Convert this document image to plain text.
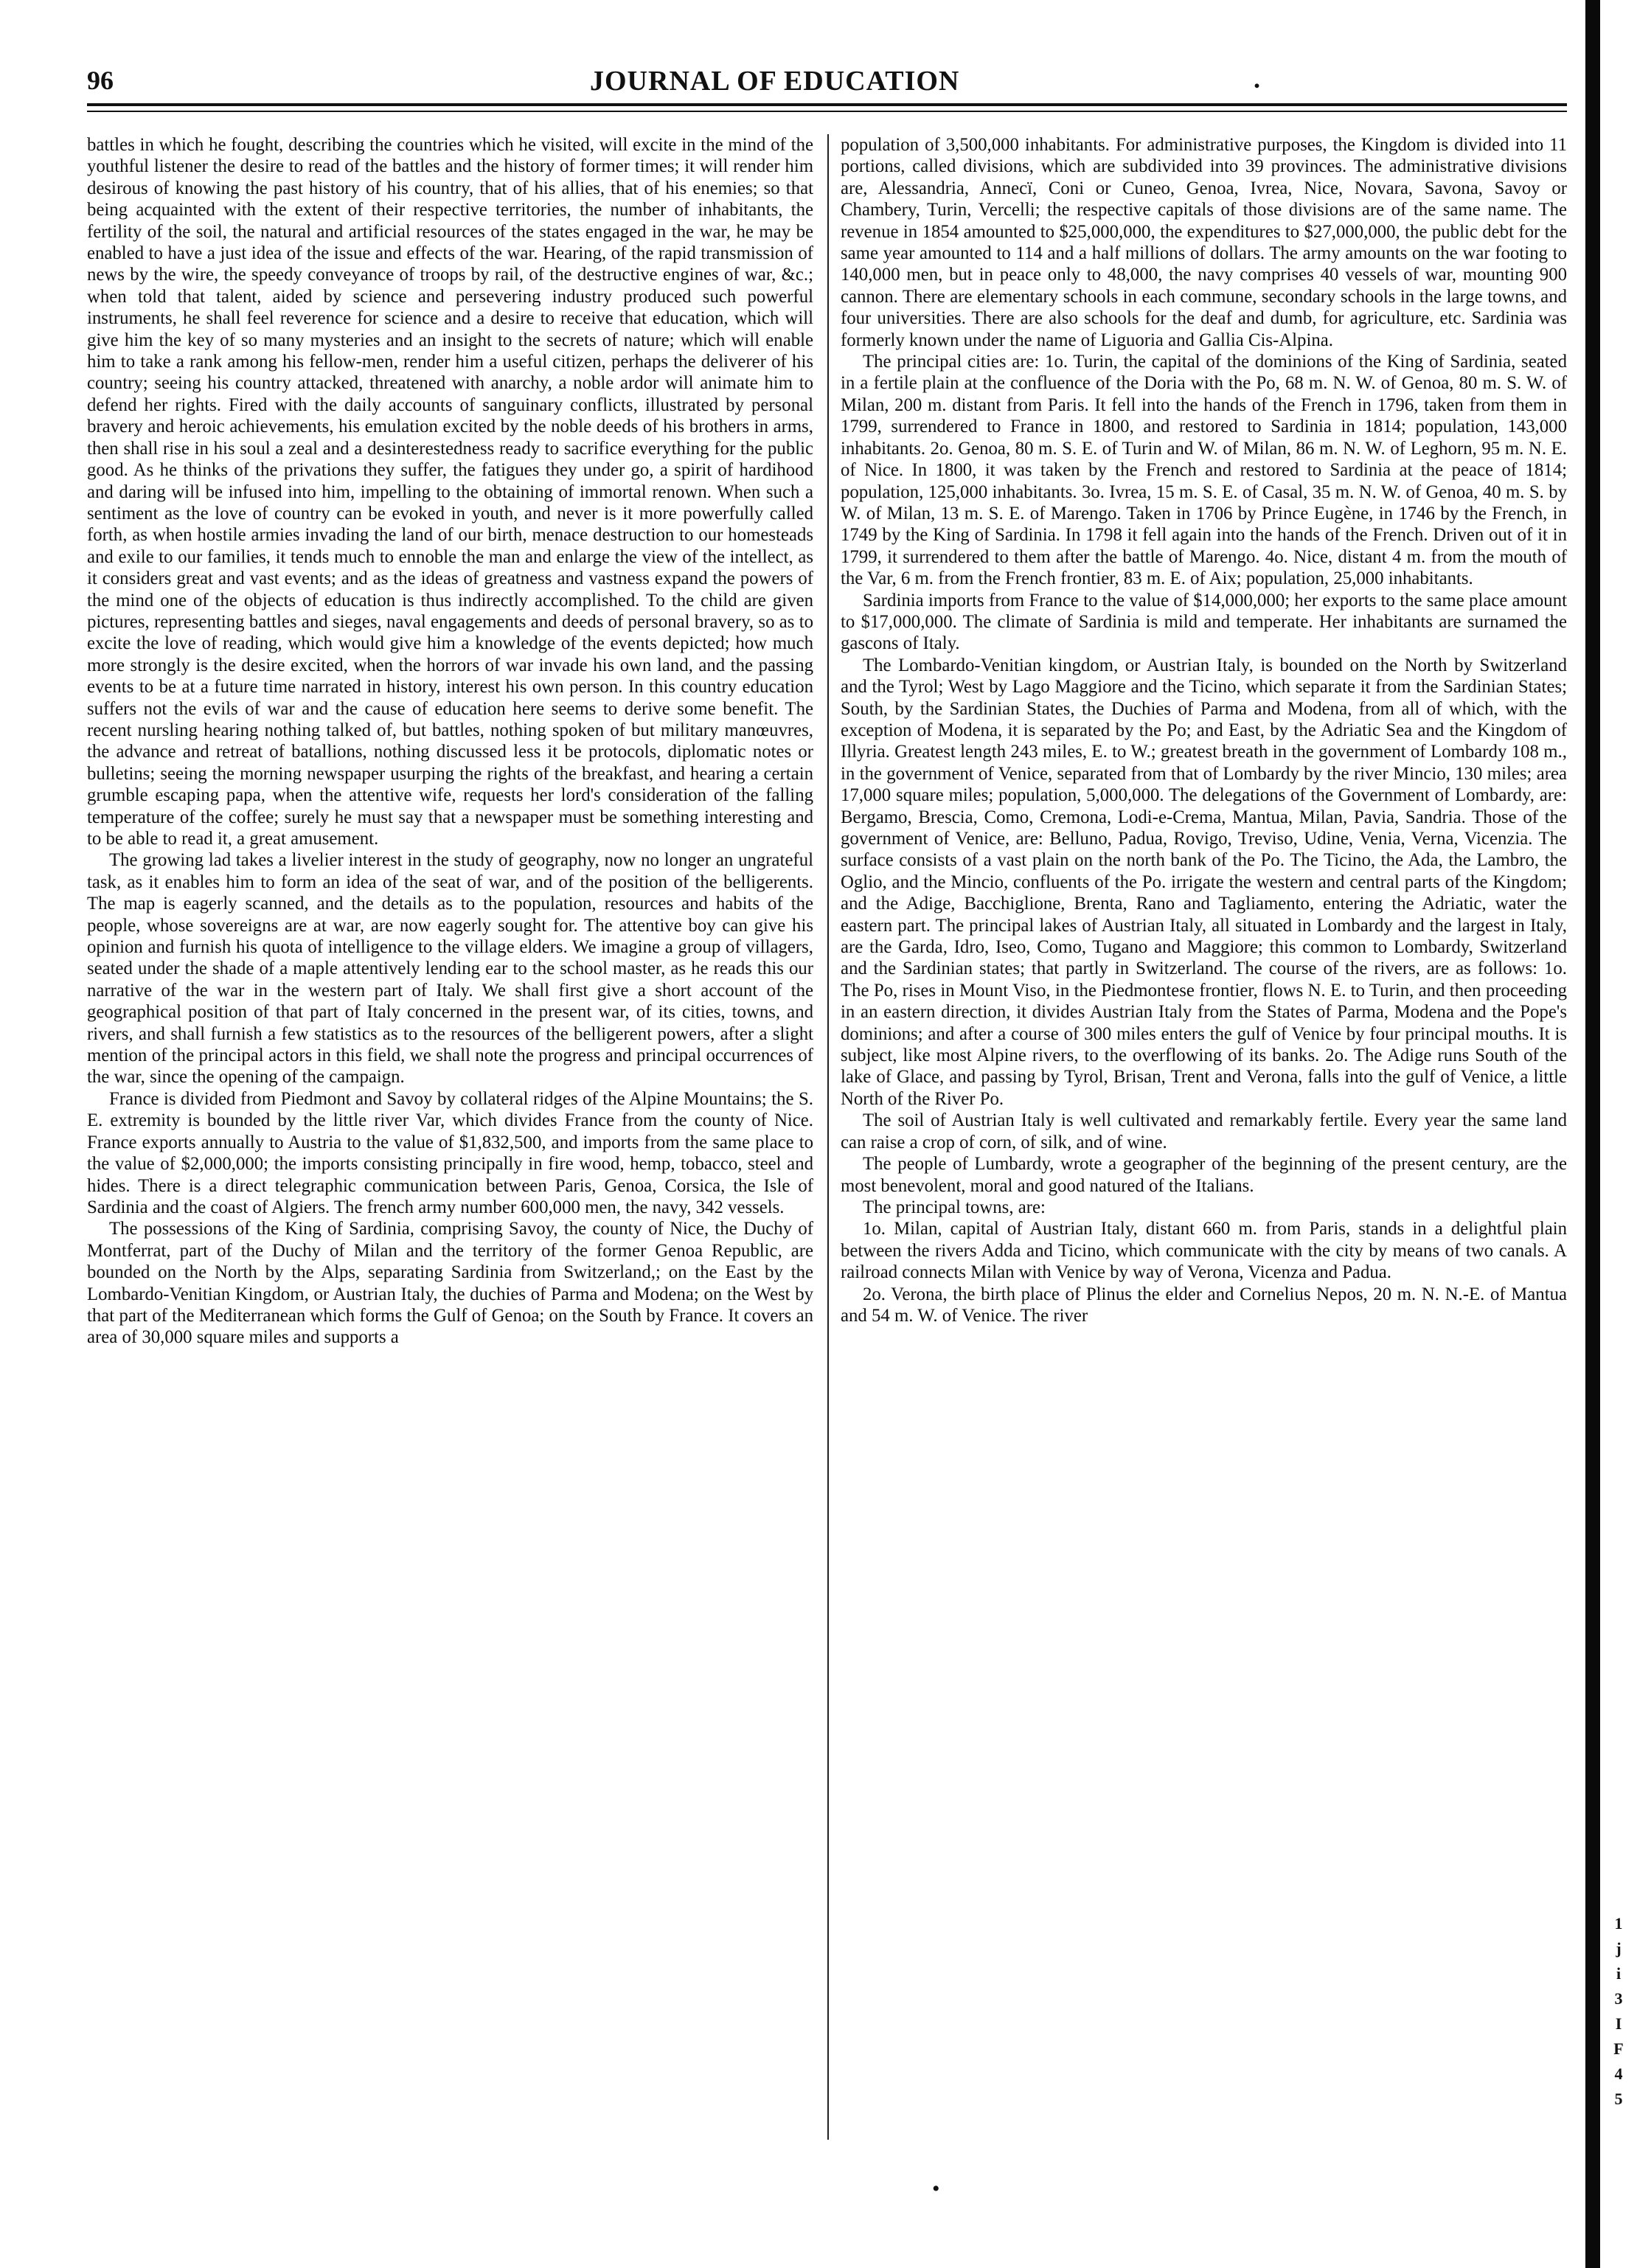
96	JOURNAL OF EDUCATION	.

battles in which he fought, describing the countries which he visited, will excite in the mind of the youthful listener the desire to read of the battles and the history of former times; it will render him desirous of knowing the past history of his country, that of his allies, that of his enemies; so that being acquainted with the extent of their respective territories, the number of inhabitants, the fertility of the soil, the natural and artificial resources of the states engaged in the war, he may be enabled to have a just idea of the issue and effects of the war. Hearing, of the rapid transmission of news by the wire, the speedy conveyance of troops by rail, of the destructive engines of war, &c.; when told that talent, aided by science and persevering industry produced such powerful instruments, he shall feel reverence for science and a desire to receive that education, which will give him the key of so many mysteries and an insight to the secrets of nature; which will enable him to take a rank among his fellow-men, render him a useful citizen, perhaps the deliverer of his country; seeing his country attacked, threatened with anarchy, a noble ardor will animate him to defend her rights. Fired with the daily accounts of sanguinary conflicts, illustrated by personal bravery and heroic achievements, his emulation excited by the noble deeds of his brothers in arms, then shall rise in his soul a zeal and a desinterestedness ready to sacrifice everything for the public good. As he thinks of the privations they suffer, the fatigues they under go, a spirit of hardihood and daring will be infused into him, impelling to the obtaining of immortal renown. When such a sentiment as the love of country can be evoked in youth, and never is it more powerfully called forth, as when hostile armies invading the land of our birth, menace destruction to our homesteads and exile to our families, it tends much to ennoble the man and enlarge the view of the intellect, as it considers great and vast events; and as the ideas of greatness and vastness expand the powers of the mind one of the objects of education is thus indirectly accomplished. To the child are given pictures, representing battles and sieges, naval engagements and deeds of personal bravery, so as to excite the love of reading, which would give him a knowledge of the events depicted; how much more strongly is the desire excited, when the horrors of war invade his own land, and the passing events to be at a future time narrated in history, interest his own person. In this country education suffers not the evils of war and the cause of education here seems to derive some benefit. The recent nursling hearing nothing talked of, but battles, nothing spoken of but military manœuvres, the advance and retreat of batallions, nothing discussed less it be protocols, diplomatic notes or bulletins; seeing the morning newspaper usurping the rights of the breakfast, and hearing a certain grumble escaping papa, when the attentive wife, requests her lord's consideration of the falling temperature of the coffee; surely he must say that a newspaper must be something interesting and to be able to read it, a great amusement.

The growing lad takes a livelier interest in the study of geography, now no longer an ungrateful task, as it enables him to form an idea of the seat of war, and of the position of the belligerents. The map is eagerly scanned, and the details as to the population, resources and habits of the people, whose sovereigns are at war, are now eagerly sought for. The attentive boy can give his opinion and furnish his quota of intelligence to the village elders. We imagine a group of villagers, seated under the shade of a maple attentively lending ear to the school master, as he reads this our narrative of the war in the western part of Italy. We shall first give a short account of the geographical position of that part of Italy concerned in the present war, of its cities, towns, and rivers, and shall furnish a few statistics as to the resources of the belligerent powers, after a slight mention of the principal actors in this field, we shall note the progress and principal occurrences of the war, since the opening of the campaign.

France is divided from Piedmont and Savoy by collateral ridges of the Alpine Mountains; the S. E. extremity is bounded by the little river Var, which divides France from the county of Nice. France exports annually to Austria to the value of $1,832,500, and imports from the same place to the value of $2,000,000; the imports consisting principally in fire wood, hemp, tobacco, steel and hides. There is a direct telegraphic communication between Paris, Genoa, Corsica, the Isle of Sardinia and the coast of Algiers. The french army number 600,000 men, the navy, 342 vessels.

The possessions of the King of Sardinia, comprising Savoy, the county of Nice, the Duchy of Montferrat, part of the Duchy of Milan and the territory of the former Genoa Republic, are bounded on the North by the Alps, separating Sardinia from Switzerland,; on the East by the Lombardo-Venitian Kingdom, or Austrian Italy, the duchies of Parma and Modena; on the West by that part of the Mediterranean which forms the Gulf of Genoa; on the South by France. It covers an area of 30,000 square miles and supports a

population of 3,500,000 inhabitants. For administrative purposes, the Kingdom is divided into 11 portions, called divisions, which are subdivided into 39 provinces. The administrative divisions are, Alessandria, Annecï, Coni or Cuneo, Genoa, Ivrea, Nice, Novara, Savona, Savoy or Chambery, Turin, Vercelli; the respective capitals of those divisions are of the same name. The revenue in 1854 amounted to $25,000,000, the expenditures to $27,000,000, the public debt for the same year amounted to 114 and a half millions of dollars. The army amounts on the war footing to 140,000 men, but in peace only to 48,000, the navy comprises 40 vessels of war, mounting 900 cannon. There are elementary schools in each commune, secondary schools in the large towns, and four universities. There are also schools for the deaf and dumb, for agriculture, etc. Sardinia was formerly known under the name of Liguoria and Gallia Cis-Alpina.

The principal cities are: 1o. Turin, the capital of the dominions of the King of Sardinia, seated in a fertile plain at the confluence of the Doria with the Po, 68 m. N. W. of Genoa, 80 m. S. W. of Milan, 200 m. distant from Paris. It fell into the hands of the French in 1796, taken from them in 1799, surrendered to France in 1800, and restored to Sardinia in 1814; population, 143,000 inhabitants. 2o. Genoa, 80 m. S. E. of Turin and W. of Milan, 86 m. N. W. of Leghorn, 95 m. N. E. of Nice. In 1800, it was taken by the French and restored to Sardinia at the peace of 1814; population, 125,000 inhabitants. 3o. Ivrea, 15 m. S. E. of Casal, 35 m. N. W. of Genoa, 40 m. S. by W. of Milan, 13 m. S. E. of Marengo. Taken in 1706 by Prince Eugène, in 1746 by the French, in 1749 by the King of Sardinia. In 1798 it fell again into the hands of the French. Driven out of it in 1799, it surrendered to them after the battle of Marengo. 4o. Nice, distant 4 m. from the mouth of the Var, 6 m. from the French frontier, 83 m. E. of Aix; population, 25,000 inhabitants.

Sardinia imports from France to the value of $14,000,000; her exports to the same place amount to $17,000,000. The climate of Sardinia is mild and temperate. Her inhabitants are surnamed the gascons of Italy.

The Lombardo-Venitian kingdom, or Austrian Italy, is bounded on the North by Switzerland and the Tyrol; West by Lago Maggiore and the Ticino, which separate it from the Sardinian States; South, by the Sardinian States, the Duchies of Parma and Modena, from all of which, with the exception of Modena, it is separated by the Po; and East, by the Adriatic Sea and the Kingdom of Illyria. Greatest length 243 miles, E. to W.; greatest breath in the government of Lombardy 108 m., in the government of Venice, separated from that of Lombardy by the river Mincio, 130 miles; area 17,000 square miles; population, 5,000,000. The delegations of the Government of Lombardy, are: Bergamo, Brescia, Como, Cremona, Lodi-e-Crema, Mantua, Milan, Pavia, Sandria. Those of the government of Venice, are: Belluno, Padua, Rovigo, Treviso, Udine, Venia, Verna, Vicenzia. The surface consists of a vast plain on the north bank of the Po. The Ticino, the Ada, the Lambro, the Oglio, and the Mincio, confluents of the Po. irrigate the western and central parts of the Kingdom; and the Adige, Bacchiglione, Brenta, Rano and Tagliamento, entering the Adriatic, water the eastern part. The principal lakes of Austrian Italy, all situated in Lombardy and the largest in Italy, are the Garda, Idro, Iseo, Como, Tugano and Maggiore; this common to Lombardy, Switzerland and the Sardinian states; that partly in Switzerland. The course of the rivers, are as follows: 1o. The Po, rises in Mount Viso, in the Piedmontese frontier, flows N. E. to Turin, and then proceeding in an eastern direction, it divides Austrian Italy from the States of Parma, Modena and the Pope's dominions; and after a course of 300 miles enters the gulf of Venice by four principal mouths. It is subject, like most Alpine rivers, to the overflowing of its banks. 2o. The Adige runs South of the lake of Glace, and passing by Tyrol, Brisan, Trent and Verona, falls into the gulf of Venice, a little North of the River Po.

The soil of Austrian Italy is well cultivated and remarkably fertile. Every year the same land can raise a crop of corn, of silk, and of wine.

The people of Lumbardy, wrote a geographer of the beginning of the present century, are the most benevolent, moral and good natured of the Italians.

The principal towns, are:

1o. Milan, capital of Austrian Italy, distant 660 m. from Paris, stands in a delightful plain between the rivers Adda and Ticino, which communicate with the city by means of two canals. A railroad connects Milan with Venice by way of Verona, Vicenza and Padua.

2o. Verona, the birth place of Plinus the elder and Cornelius Nepos, 20 m. N. N.-E. of Mantua and 54 m. W. of Venice. The river

1
j
i
3
I
F
4
5
•
